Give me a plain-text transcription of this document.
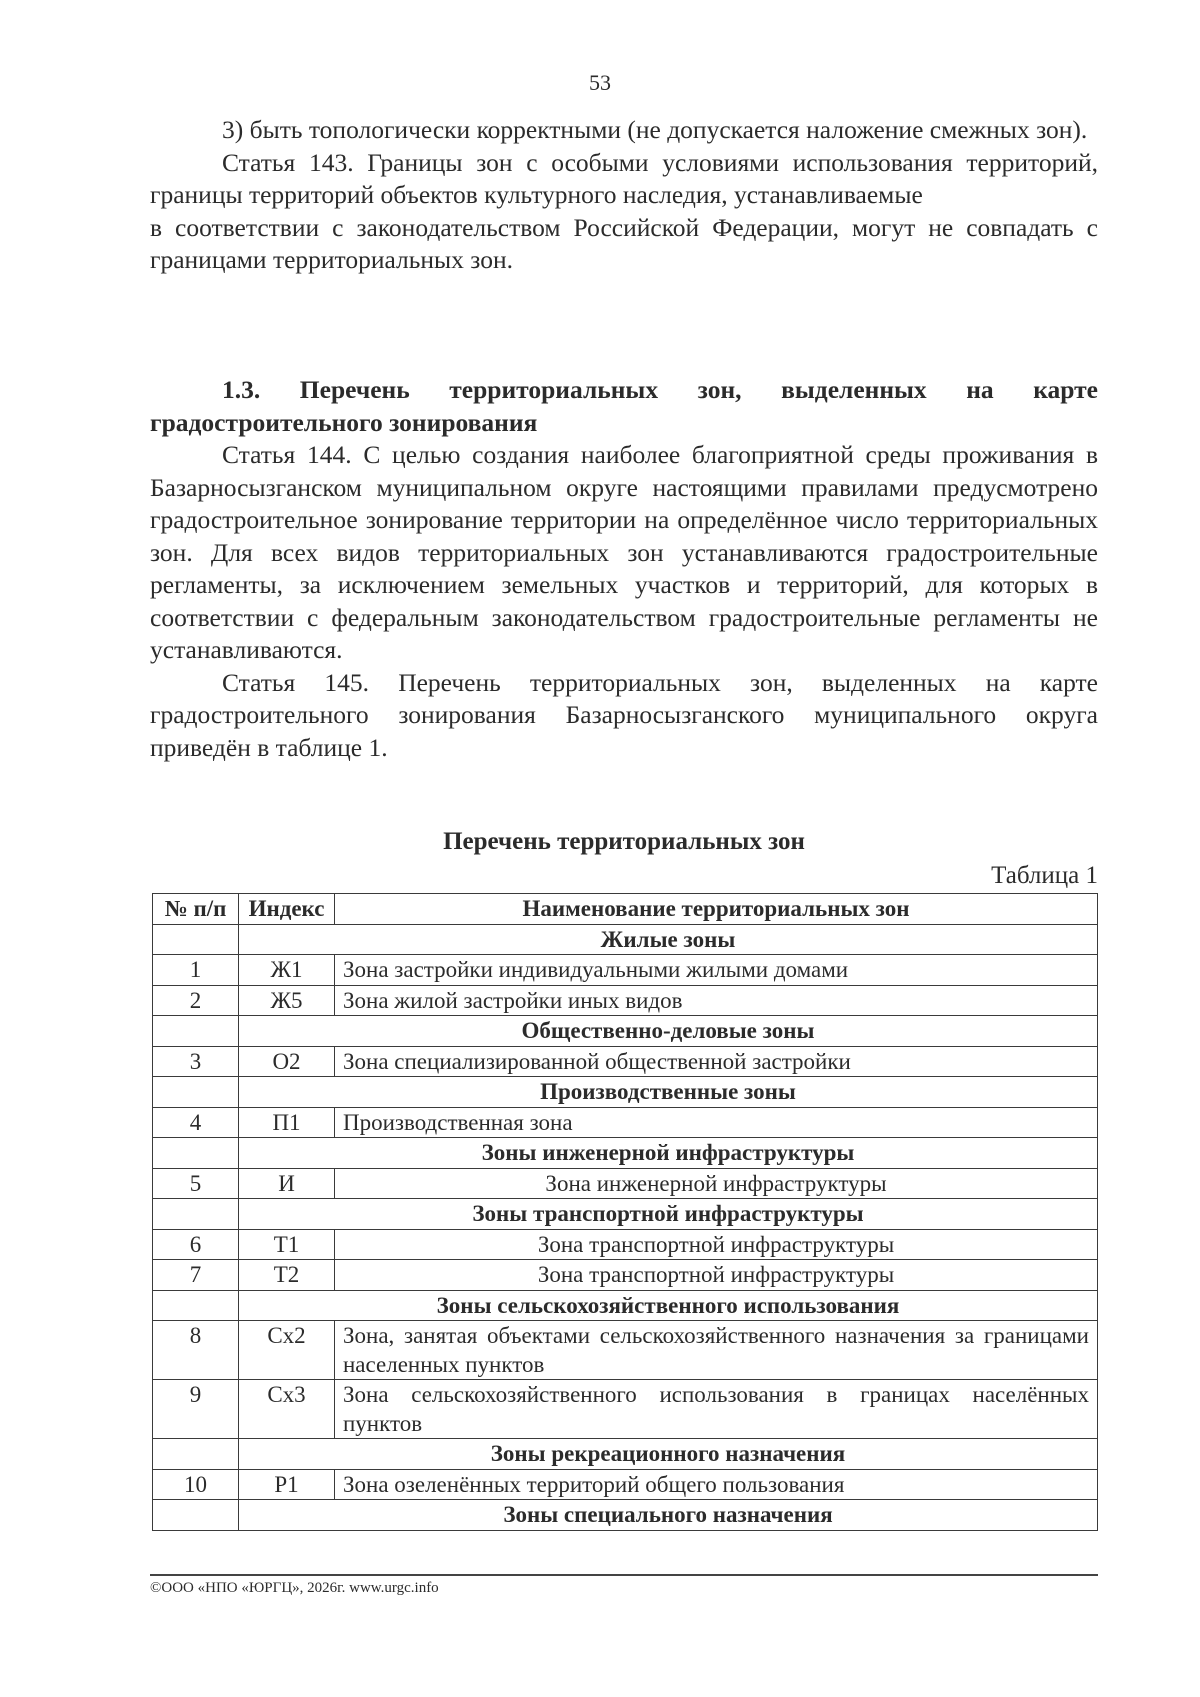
53

3) быть топологически корректными (не допускается наложение смежных зон).

Статья 143. Границы зон с особыми условиями использования территорий, границы территорий объектов культурного наследия, устанавливаемые

в соответствии с законодательством Российской Федерации, могут не совпадать с границами территориальных зон.

1.3. Перечень территориальных зон, выделенных на карте градостроительного зонирования

Статья 144. С целью создания наиболее благоприятной среды проживания в Базарносызганском муниципальном округе настоящими правилами предусмотрено градостроительное зонирование территории на определённое число территориальных зон. Для всех видов территориальных зон устанавливаются градостроительные регламенты, за исключением земельных участков и территорий, для которых в соответствии с федеральным законодательством градостроительные регламенты не устанавливаются.

Статья 145. Перечень территориальных зон, выделенных на карте градостроительного зонирования Базарносызганского муниципального округа приведён в таблице 1.

Перечень территориальных зон
Таблица 1
№ п/п	Индекс	Наименование территориальных зон
	Жилые зоны	
1	Ж1	Зона застройки индивидуальными жилыми домами
2	Ж5	Зона жилой застройки иных видов
	Общественно-деловые зоны	
3	О2	Зона специализированной общественной застройки
	Производственные зоны	
4	П1	Производственная зона
	Зоны инженерной инфраструктуры	
5	И	Зона инженерной инфраструктуры
	Зоны транспортной инфраструктуры	
6	Т1	Зона транспортной инфраструктуры
7	Т2	Зона транспортной инфраструктуры
	Зоны сельскохозяйственного использования	
8	Сх2	Зона, занятая объектами сельскохозяйственного назначения за границами населенных пунктов
9	Сх3	Зона сельскохозяйственного использования в границах населённых пунктов
	Зоны рекреационного назначения	
10	Р1	Зона озеленённых территорий общего пользования
	Зоны специального назначения	
©ООО «НПО «ЮРГЦ», 2026г. www.urgc.info
